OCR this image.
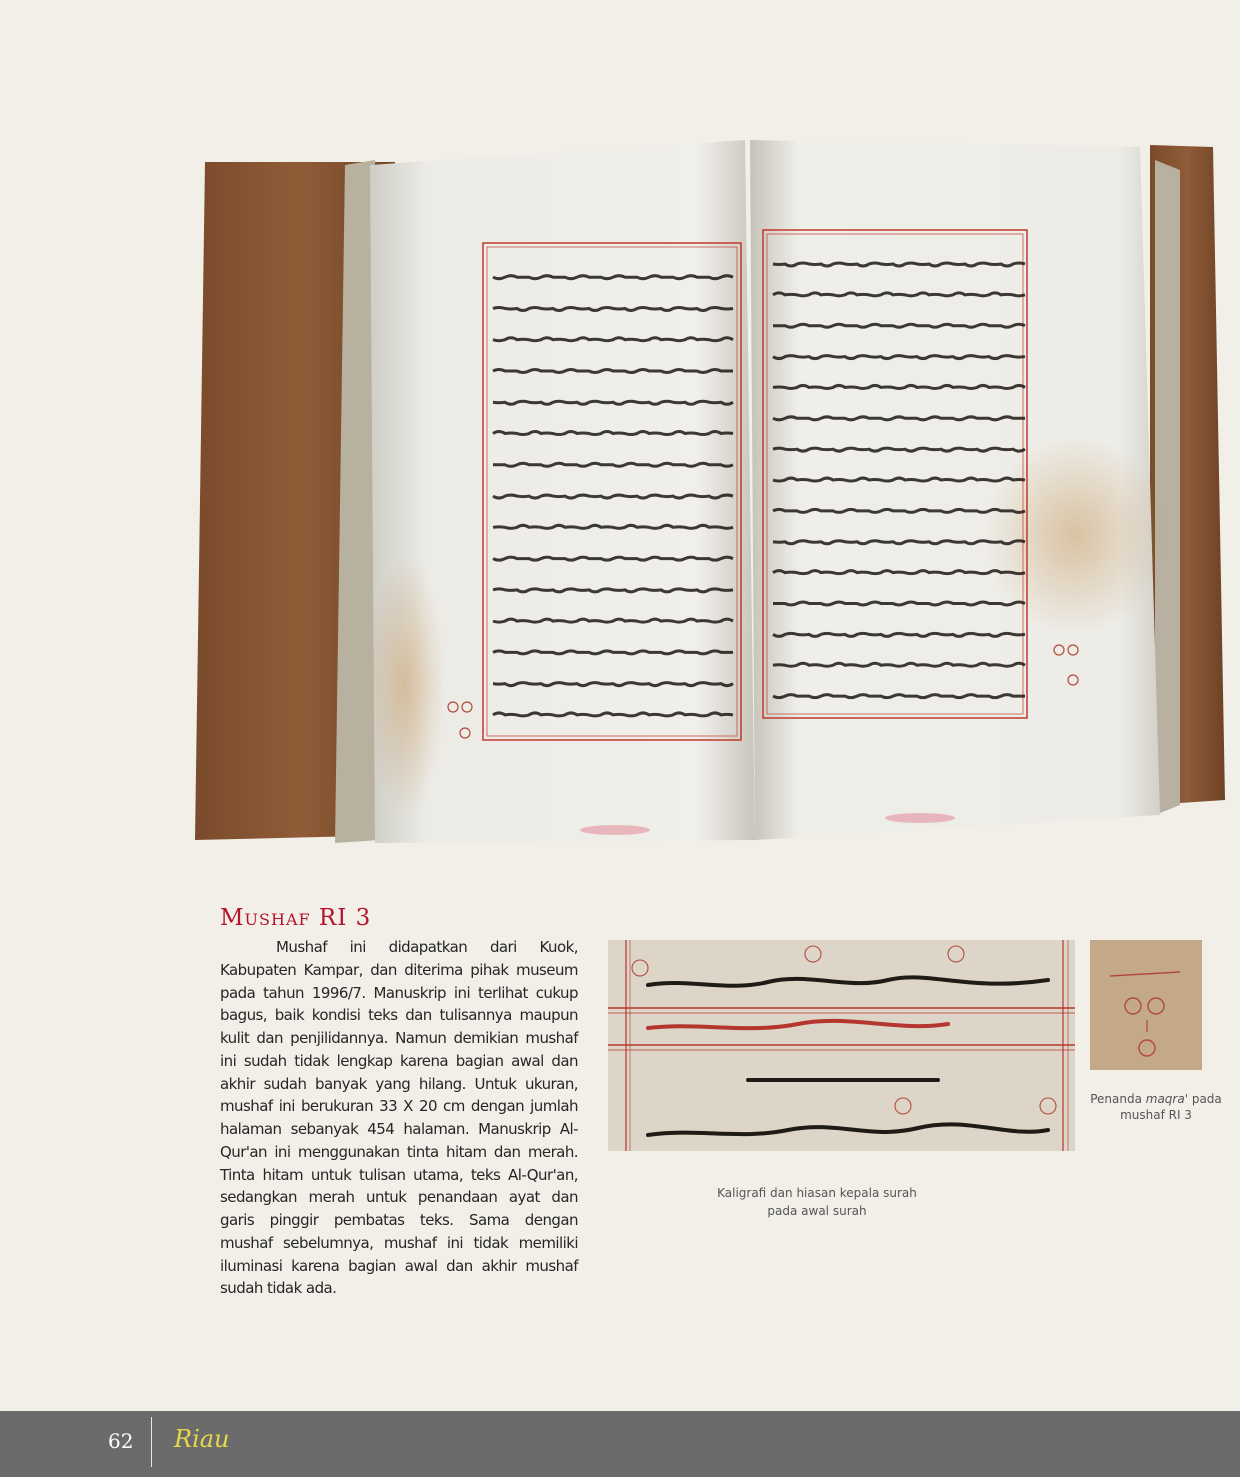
Mushaf RI 3

Mushaf ini didapatkan dari Kuok, Kabupaten Kampar, dan diterima pihak museum pada tahun 1996/7. Manuskrip ini terlihat cukup bagus, baik kondisi teks dan tulisannya maupun kulit dan penjilidannya. Namun demikian mushaf ini sudah tidak lengkap karena bagian awal dan akhir sudah banyak yang hilang. Untuk ukuran, mushaf ini berukuran 33 X 20 cm dengan jumlah halaman sebanyak 454 halaman. Manuskrip Al-Qur'an ini menggunakan tinta hitam dan merah. Tinta hitam untuk tulisan utama, teks Al-Qur'an, sedangkan merah untuk penandaan ayat dan garis pinggir pembatas teks. Sama dengan mushaf sebelumnya, mushaf ini tidak memiliki iluminasi karena bagian awal dan akhir mushaf sudah tidak ada.

Kaligrafi dan hiasan kepala surah pada awal surah
Penanda maqra' pada mushaf RI 3
62 Riau
